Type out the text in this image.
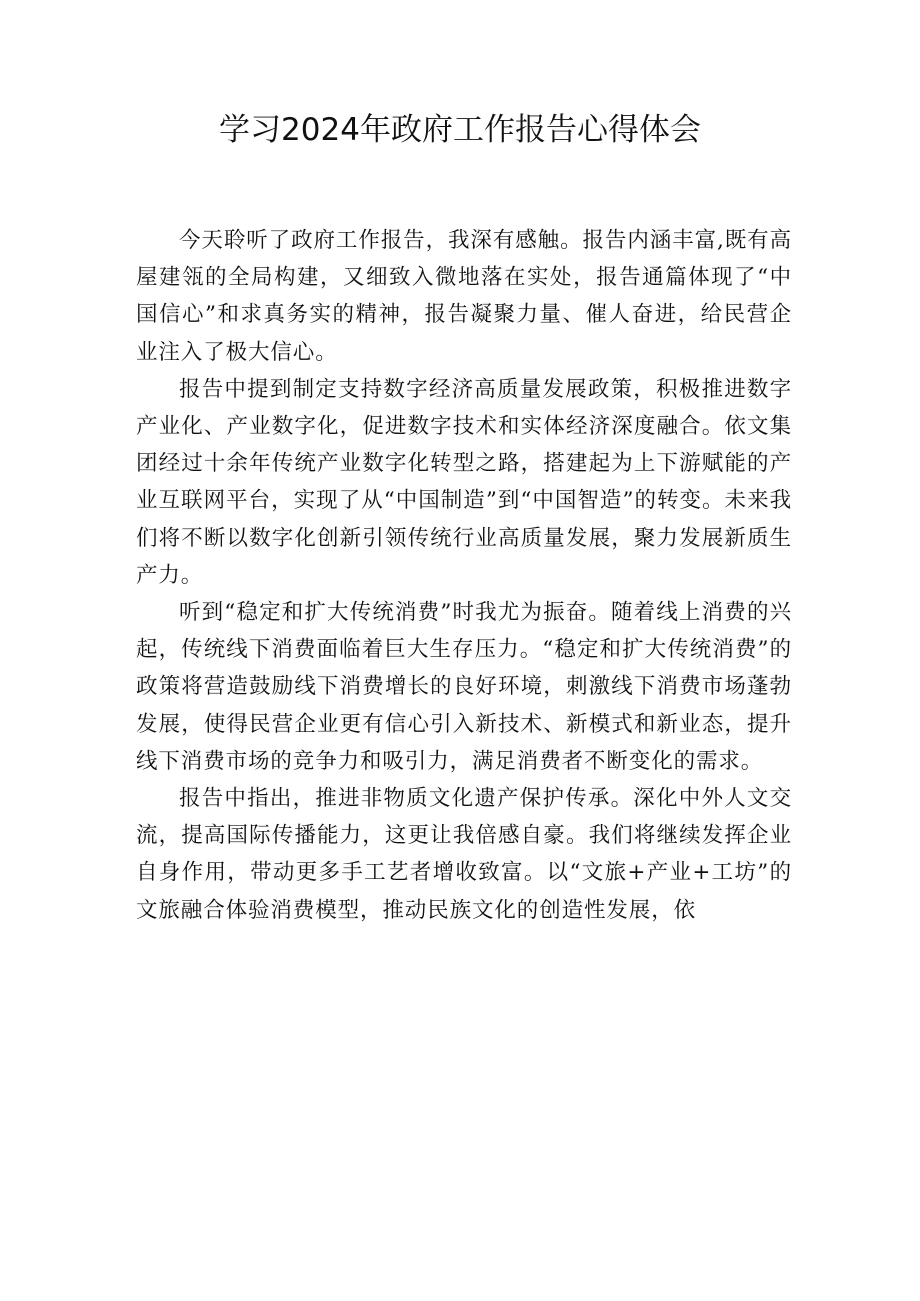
学习2024年政府工作报告心得体会

今天聆听了政府工作报告，我深有感触。报告内涵丰富,既有高屋建瓴的全局构建，又细致入微地落在实处，报告通篇体现了“中国信心”和求真务实的精神，报告凝聚力量、催人奋进，给民营企业注入了极大信心。

报告中提到制定支持数字经济高质量发展政策，积极推进数字产业化、产业数字化，促进数字技术和实体经济深度融合。依文集团经过十余年传统产业数字化转型之路，搭建起为上下游赋能的产业互联网平台，实现了从“中国制造”到“中国智造”的转变。未来我们将不断以数字化创新引领传统行业高质量发展，聚力发展新质生产力。

听到“稳定和扩大传统消费”时我尤为振奋。随着线上消费的兴起，传统线下消费面临着巨大生存压力。“稳定和扩大传统消费”的政策将营造鼓励线下消费增长的良好环境，刺激线下消费市场蓬勃发展，使得民营企业更有信心引入新技术、新模式和新业态，提升线下消费市场的竞争力和吸引力，满足消费者不断变化的需求。

报告中指出，推进非物质文化遗产保护传承。深化中外人文交流，提高国际传播能力，这更让我倍感自豪。我们将继续发挥企业自身作用，带动更多手工艺者增收致富。以“文旅+产业+工坊”的文旅融合体验消费模型，推动民族文化的创造性发展，依
